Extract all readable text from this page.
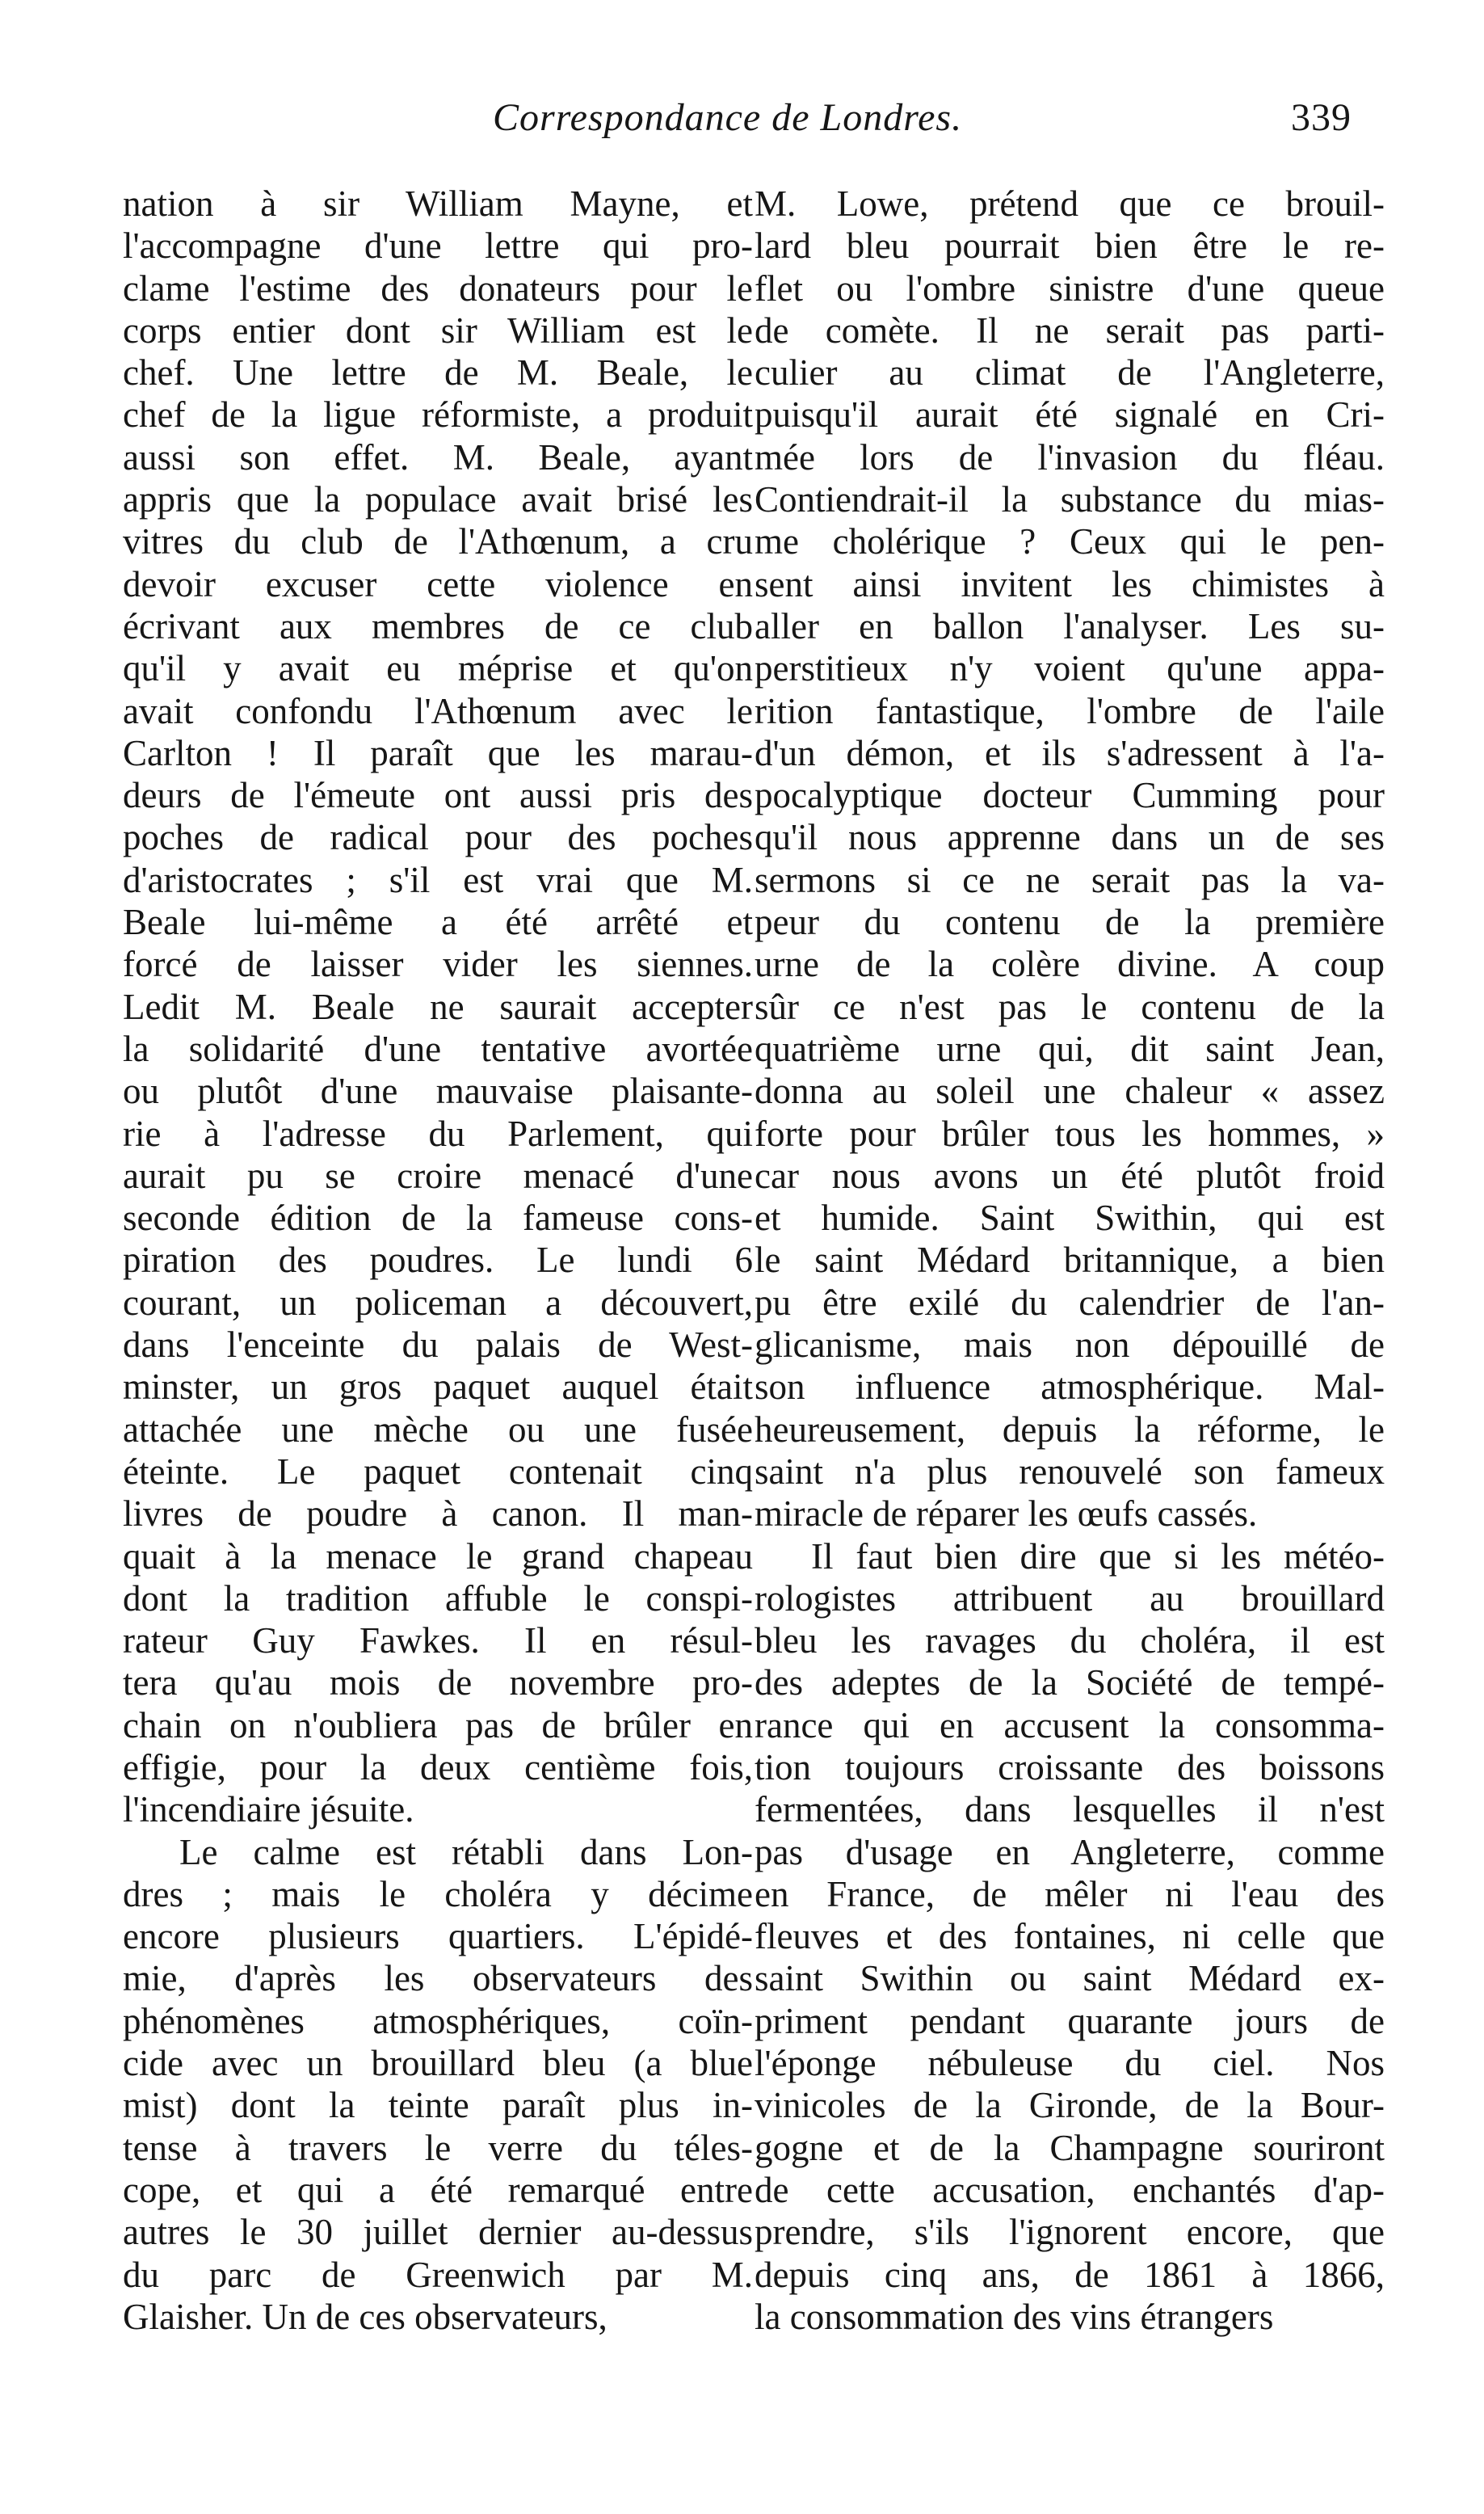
Correspondance de Londres.	339
nation à sir William Mayne, et
l'accompagne d'une lettre qui pro-
clame l'estime des donateurs pour le
corps entier dont sir William est le
chef. Une lettre de M. Beale, le
chef de la ligue réformiste, a produit
aussi son effet. M. Beale, ayant
appris que la populace avait brisé les
vitres du club de l'Athœnum, a cru
devoir excuser cette violence en
écrivant aux membres de ce club
qu'il y avait eu méprise et qu'on
avait confondu l'Athœnum avec le
Carlton ! Il paraît que les marau-
deurs de l'émeute ont aussi pris des
poches de radical pour des poches
d'aristocrates ; s'il est vrai que M.
Beale lui-même a été arrêté et
forcé de laisser vider les siennes.
Ledit M. Beale ne saurait accepter
la solidarité d'une tentative avortée
ou plutôt d'une mauvaise plaisante-
rie à l'adresse du Parlement, qui
aurait pu se croire menacé d'une
seconde édition de la fameuse cons-
piration des poudres. Le lundi 6
courant, un policeman a découvert,
dans l'enceinte du palais de West-
minster, un gros paquet auquel était
attachée une mèche ou une fusée
éteinte. Le paquet contenait cinq
livres de poudre à canon. Il man-
quait à la menace le grand chapeau
dont la tradition affuble le conspi-
rateur Guy Fawkes. Il en résul-
tera qu'au mois de novembre pro-
chain on n'oubliera pas de brûler en
effigie, pour la deux centième fois,
l'incendiaire jésuite.
Le calme est rétabli dans Lon-
dres ; mais le choléra y décime
encore plusieurs quartiers. L'épidé-
mie, d'après les observateurs des
phénomènes atmosphériques, coïn-
cide avec un brouillard bleu (a blue
mist) dont la teinte paraît plus in-
tense à travers le verre du téles-
cope, et qui a été remarqué entre
autres le 30 juillet dernier au-dessus
du parc de Greenwich par M.
Glaisher. Un de ces observateurs,
M. Lowe, prétend que ce brouil-
lard bleu pourrait bien être le re-
flet ou l'ombre sinistre d'une queue
de comète. Il ne serait pas parti-
culier au climat de l'Angleterre,
puisqu'il aurait été signalé en Cri-
mée lors de l'invasion du fléau.
Contiendrait-il la substance du mias-
me cholérique ? Ceux qui le pen-
sent ainsi invitent les chimistes à
aller en ballon l'analyser. Les su-
perstitieux n'y voient qu'une appa-
rition fantastique, l'ombre de l'aile
d'un démon, et ils s'adressent à l'a-
pocalyptique docteur Cumming pour
qu'il nous apprenne dans un de ses
sermons si ce ne serait pas la va-
peur du contenu de la première
urne de la colère divine. A coup
sûr ce n'est pas le contenu de la
quatrième urne qui, dit saint Jean,
donna au soleil une chaleur « assez
forte pour brûler tous les hommes, »
car nous avons un été plutôt froid
et humide. Saint Swithin, qui est
le saint Médard britannique, a bien
pu être exilé du calendrier de l'an-
glicanisme, mais non dépouillé de
son influence atmosphérique. Mal-
heureusement, depuis la réforme, le
saint n'a plus renouvelé son fameux
miracle de réparer les œufs cassés.
Il faut bien dire que si les météo-
rologistes attribuent au brouillard
bleu les ravages du choléra, il est
des adeptes de la Société de tempé-
rance qui en accusent la consomma-
tion toujours croissante des boissons
fermentées, dans lesquelles il n'est
pas d'usage en Angleterre, comme
en France, de mêler ni l'eau des
fleuves et des fontaines, ni celle que
saint Swithin ou saint Médard ex-
priment pendant quarante jours de
l'éponge nébuleuse du ciel. Nos
vinicoles de la Gironde, de la Bour-
gogne et de la Champagne souriront
de cette accusation, enchantés d'ap-
prendre, s'ils l'ignorent encore, que
depuis cinq ans, de 1861 à 1866,
la consommation des vins étrangers
